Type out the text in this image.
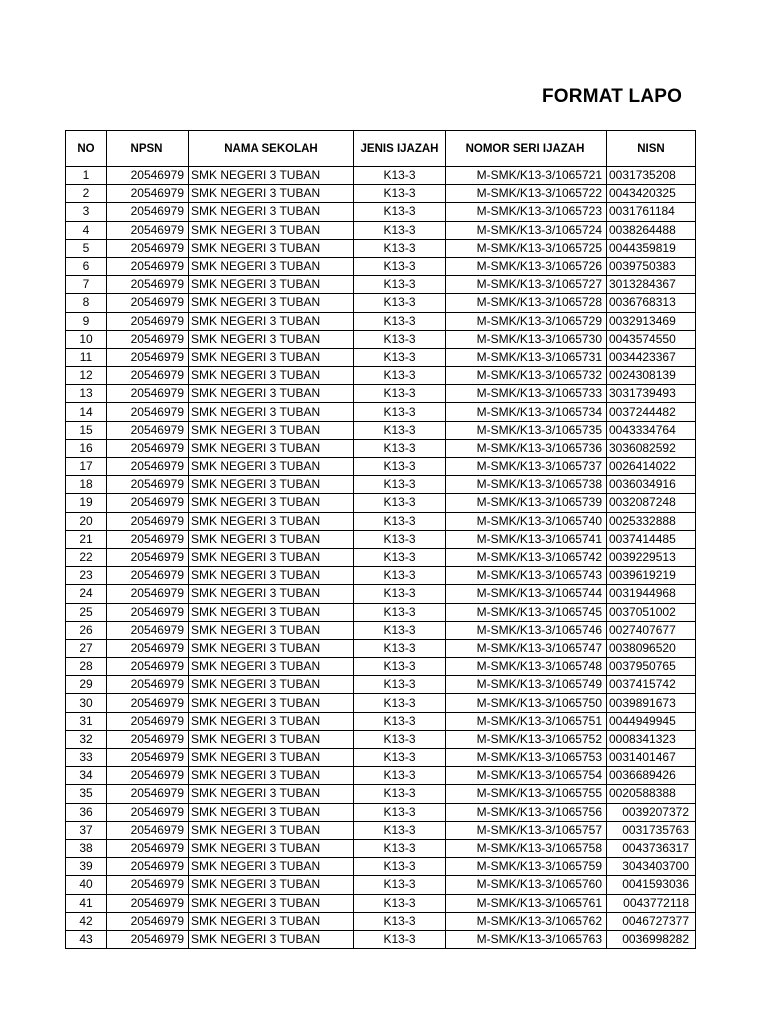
FORMAT LAPO
NO	NPSN	NAMA SEKOLAH	JENIS IJAZAH	NOMOR SERI IJAZAH	NISN
1	20546979	SMK NEGERI 3 TUBAN	K13-3	M-SMK/K13-3/1065721	0031735208
2	20546979	SMK NEGERI 3 TUBAN	K13-3	M-SMK/K13-3/1065722	0043420325
3	20546979	SMK NEGERI 3 TUBAN	K13-3	M-SMK/K13-3/1065723	0031761184
4	20546979	SMK NEGERI 3 TUBAN	K13-3	M-SMK/K13-3/1065724	0038264488
5	20546979	SMK NEGERI 3 TUBAN	K13-3	M-SMK/K13-3/1065725	0044359819
6	20546979	SMK NEGERI 3 TUBAN	K13-3	M-SMK/K13-3/1065726	0039750383
7	20546979	SMK NEGERI 3 TUBAN	K13-3	M-SMK/K13-3/1065727	3013284367
8	20546979	SMK NEGERI 3 TUBAN	K13-3	M-SMK/K13-3/1065728	0036768313
9	20546979	SMK NEGERI 3 TUBAN	K13-3	M-SMK/K13-3/1065729	0032913469
10	20546979	SMK NEGERI 3 TUBAN	K13-3	M-SMK/K13-3/1065730	0043574550
11	20546979	SMK NEGERI 3 TUBAN	K13-3	M-SMK/K13-3/1065731	0034423367
12	20546979	SMK NEGERI 3 TUBAN	K13-3	M-SMK/K13-3/1065732	0024308139
13	20546979	SMK NEGERI 3 TUBAN	K13-3	M-SMK/K13-3/1065733	3031739493
14	20546979	SMK NEGERI 3 TUBAN	K13-3	M-SMK/K13-3/1065734	0037244482
15	20546979	SMK NEGERI 3 TUBAN	K13-3	M-SMK/K13-3/1065735	0043334764
16	20546979	SMK NEGERI 3 TUBAN	K13-3	M-SMK/K13-3/1065736	3036082592
17	20546979	SMK NEGERI 3 TUBAN	K13-3	M-SMK/K13-3/1065737	0026414022
18	20546979	SMK NEGERI 3 TUBAN	K13-3	M-SMK/K13-3/1065738	0036034916
19	20546979	SMK NEGERI 3 TUBAN	K13-3	M-SMK/K13-3/1065739	0032087248
20	20546979	SMK NEGERI 3 TUBAN	K13-3	M-SMK/K13-3/1065740	0025332888
21	20546979	SMK NEGERI 3 TUBAN	K13-3	M-SMK/K13-3/1065741	0037414485
22	20546979	SMK NEGERI 3 TUBAN	K13-3	M-SMK/K13-3/1065742	0039229513
23	20546979	SMK NEGERI 3 TUBAN	K13-3	M-SMK/K13-3/1065743	0039619219
24	20546979	SMK NEGERI 3 TUBAN	K13-3	M-SMK/K13-3/1065744	0031944968
25	20546979	SMK NEGERI 3 TUBAN	K13-3	M-SMK/K13-3/1065745	0037051002
26	20546979	SMK NEGERI 3 TUBAN	K13-3	M-SMK/K13-3/1065746	0027407677
27	20546979	SMK NEGERI 3 TUBAN	K13-3	M-SMK/K13-3/1065747	0038096520
28	20546979	SMK NEGERI 3 TUBAN	K13-3	M-SMK/K13-3/1065748	0037950765
29	20546979	SMK NEGERI 3 TUBAN	K13-3	M-SMK/K13-3/1065749	0037415742
30	20546979	SMK NEGERI 3 TUBAN	K13-3	M-SMK/K13-3/1065750	0039891673
31	20546979	SMK NEGERI 3 TUBAN	K13-3	M-SMK/K13-3/1065751	0044949945
32	20546979	SMK NEGERI 3 TUBAN	K13-3	M-SMK/K13-3/1065752	0008341323
33	20546979	SMK NEGERI 3 TUBAN	K13-3	M-SMK/K13-3/1065753	0031401467
34	20546979	SMK NEGERI 3 TUBAN	K13-3	M-SMK/K13-3/1065754	0036689426
35	20546979	SMK NEGERI 3 TUBAN	K13-3	M-SMK/K13-3/1065755	0020588388
36	20546979	SMK NEGERI 3 TUBAN	K13-3	M-SMK/K13-3/1065756	0039207372
37	20546979	SMK NEGERI 3 TUBAN	K13-3	M-SMK/K13-3/1065757	0031735763
38	20546979	SMK NEGERI 3 TUBAN	K13-3	M-SMK/K13-3/1065758	0043736317
39	20546979	SMK NEGERI 3 TUBAN	K13-3	M-SMK/K13-3/1065759	3043403700
40	20546979	SMK NEGERI 3 TUBAN	K13-3	M-SMK/K13-3/1065760	0041593036
41	20546979	SMK NEGERI 3 TUBAN	K13-3	M-SMK/K13-3/1065761	0043772118
42	20546979	SMK NEGERI 3 TUBAN	K13-3	M-SMK/K13-3/1065762	0046727377
43	20546979	SMK NEGERI 3 TUBAN	K13-3	M-SMK/K13-3/1065763	0036998282
